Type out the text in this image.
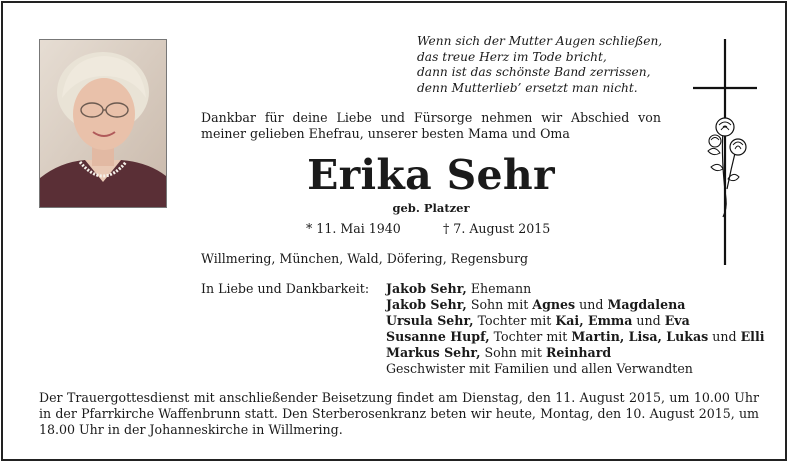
Wenn sich der Mutter Augen schließen,
das treue Herz im Tode bricht,
dann ist das schönste Band zerrissen,
denn Mutterlieb’ ersetzt man nicht.
Dankbar für deine Liebe und Fürsorge nehmen wir Abschied von meiner gelieben Ehefrau, unserer besten Mama und Oma
Erika Sehr
geb. Platzer
* 11. Mai 1940	† 7. August 2015
Willmering, München, Wald, Döfering, Regensburg
In Liebe und Dankbarkeit: Jakob Sehr, Ehemann
Jakob Sehr, Sohn mit Agnes und Magdalena
Ursula Sehr, Tochter mit Kai, Emma und Eva
Susanne Hupf, Tochter mit Martin, Lisa, Lukas und Elli
Markus Sehr, Sohn mit Reinhard
Geschwister mit Familien und allen Verwandten
Der Trauergottesdienst mit anschließender Beisetzung findet am Dienstag, den 11. August 2015, um 10.00 Uhr in der Pfarrkirche Waffenbrunn statt. Den Sterberosenkranz beten wir heute, Montag, den 10. August 2015, um 18.00 Uhr in der Johanneskirche in Willmering.
